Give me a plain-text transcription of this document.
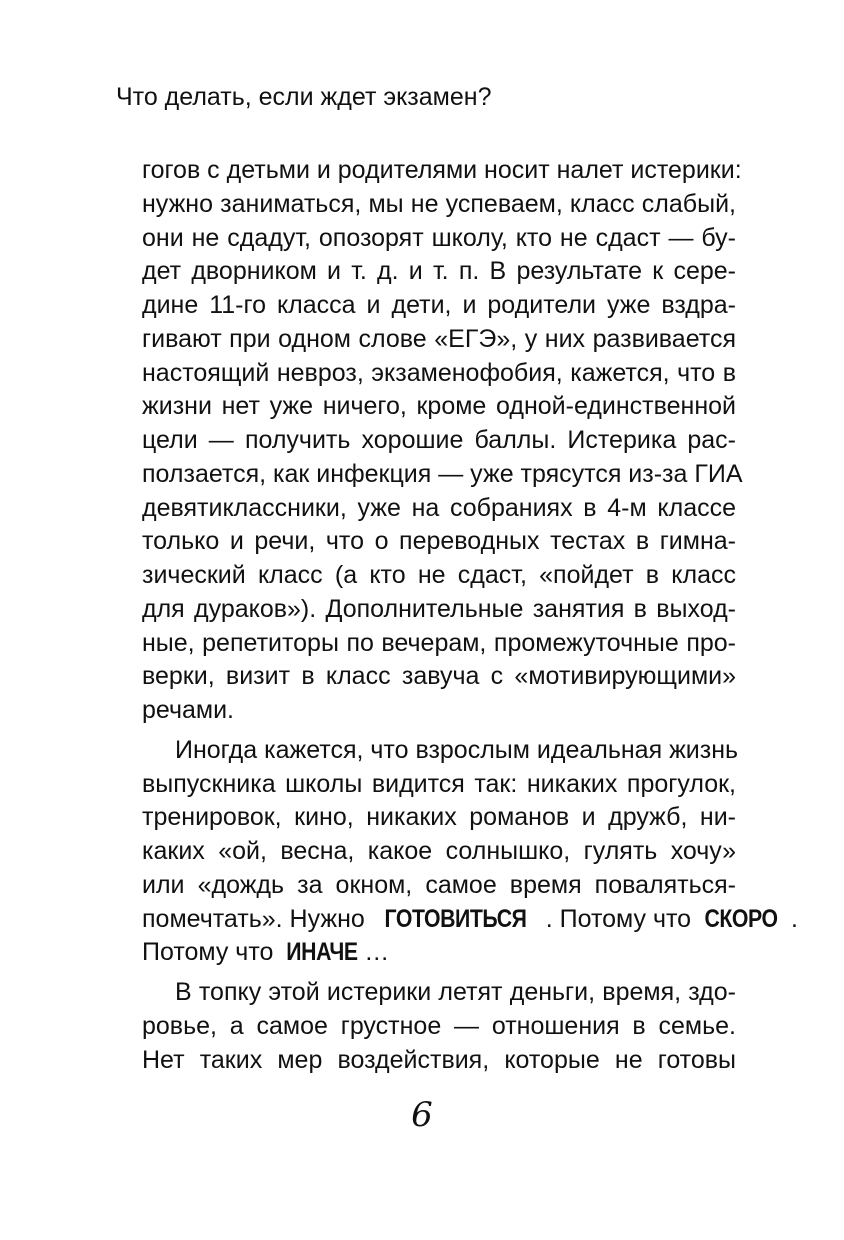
Что делать, если ждет экзамен?
гогов с детьми и родителями носит налет истерики:
нужно заниматься, мы не успеваем, класс слабый,
они не сдадут, опозорят школу, кто не сдаст — бу-
дет дворником и т. д. и т. п. В результате к сере-
дине 11-го класса и дети, и родители уже вздра-
гивают при одном слове «ЕГЭ», у них развивается
настоящий невроз, экзаменофобия, кажется, что в
жизни нет уже ничего, кроме одной-единственной
цели — получить хорошие баллы. Истерика рас-
ползается, как инфекция — уже трясутся из-за ГИА
девятиклассники, уже на собраниях в 4-м классе
только и речи, что о переводных тестах в гимна-
зический класс (а кто не сдаст, «пойдет в класс
для дураков»). Дополнительные занятия в выход-
ные, репетиторы по вечерам, промежуточные про-
верки, визит в класс завуча с «мотивирующими»
речами.
Иногда кажется, что взрослым идеальная жизнь
выпускника школы видится так: никаких прогулок,
тренировок, кино, никаких романов и дружб, ни-
каких «ой, весна, какое солнышко, гулять хочу»
или «дождь за окном, самое время поваляться-
помечтать». Нужно ГОТОВИТЬСЯ . Потому что СКОРО .
Потому что ИНАЧЕ …
В топку этой истерики летят деньги, время, здо-
ровье, а самое грустное — отношения в семье.
Нет таких мер воздействия, которые не готовы
6
